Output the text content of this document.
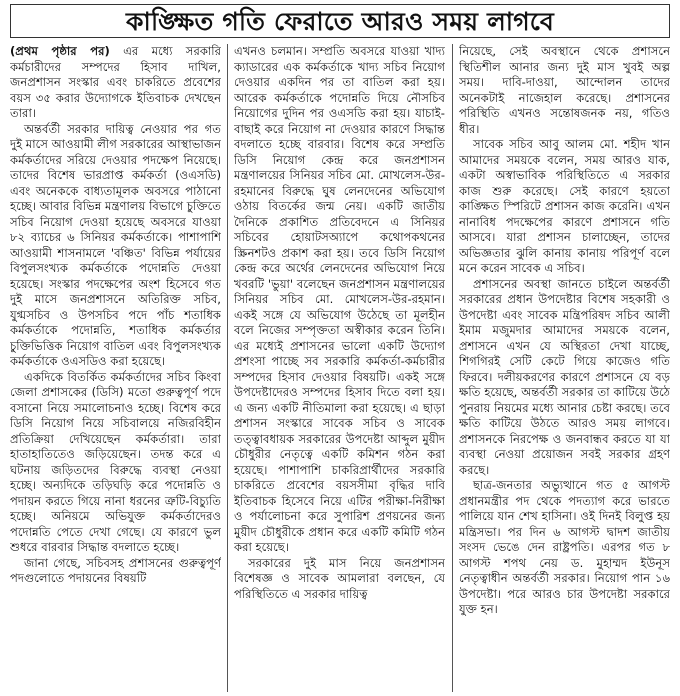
কাঙ্ক্ষিত গতি ফেরাতে আরও সময় লাগবে

(প্রথম পৃষ্ঠার পর) এর মধ্যে সরকারি কর্মচারীদের সম্পদের হিসাব দাখিল, জনপ্রশাসন সংস্কার এবং চাকরিতে প্রবেশের বয়স ৩৫ করার উদ্যোগকে ইতিবাচক দেখছেন তারা।

অন্তর্বর্তী সরকার দায়িত্ব নেওয়ার পর গত দুই মাসে আওয়ামী লীগ সরকারের আস্থাভাজন কর্মকর্তাদের সরিয়ে দেওয়ার পদক্ষেপ নিয়েছে। তাদের বিশেষ ভারপ্রাপ্ত কর্মকর্তা (ওএসডি) এবং অনেককে বাধ্যতামূলক অবসরে পাঠানো হচ্ছে। আবার বিভিন্ন মন্ত্রণালয় বিভাগে চুক্তিতে সচিব নিয়োগ দেওয়া হয়েছে অবসরে যাওয়া ৮২ ব্যাচের ৬ সিনিয়র কর্মকর্তাকে। পাশাপাশি আওয়ামী শাসনামলে 'বঞ্চিত' বিভিন্ন পর্যায়ের বিপুলসংখ্যক কর্মকর্তাকে পদোন্নতি দেওয়া হয়েছে। সংস্কার পদক্ষেপের অংশ হিসেবে গত দুই মাসে জনপ্রশাসনে অতিরিক্ত সচিব, যুগ্মসচিব ও উপসচিব পদে পাঁচ শতাধিক কর্মকর্তাকে পদোন্নতি, শতাধিক কর্মকর্তার চুক্তিভিত্তিক নিয়োগ বাতিল এবং বিপুলসংখ্যক কর্মকর্তাকে ওএসডিও করা হয়েছে।

একদিকে বিতর্কিত কর্মকর্তাদের সচিব কিংবা জেলা প্রশাসকের (ডিসি) মতো গুরুত্বপূর্ণ পদে বসানো নিয়ে সমালোচনাও হচ্ছে। বিশেষ করে ডিসি নিয়োগ নিয়ে সচিবালয়ে নজিরবিহীন প্রতিক্রিয়া দেখিয়েছেন কর্মকর্তারা। তারা হাতাহাতিতেও জড়িয়েছেন। তদন্ত করে এ ঘটনায় জড়িতদের বিরুদ্ধে ব্যবস্থা নেওয়া হচ্ছে। অন্যদিকে তড়িঘড়ি করে পদোন্নতি ও পদায়ন করতে গিয়ে নানা ধরনের ত্রুটি-বিচ্যুতি হচ্ছে। অনিয়মে অভিযুক্ত কর্মকর্তাদেরও পদোন্নতি পেতে দেখা গেছে। যে কারণে ভুল শুধরে বারবার সিদ্ধান্ত বদলাতে হচ্ছে।

জানা গেছে, সচিবসহ প্রশাসনের গুরুত্বপূর্ণ পদগুলোতে পদায়নের বিষয়টি

এখনও চলমান। সম্প্রতি অবসরে যাওয়া খাদ্য ক্যাডারের এক কর্মকর্তাকে খাদ্য সচিব নিয়োগ দেওয়ার একদিন পর তা বাতিল করা হয়। আরেক কর্মকর্তাকে পদোন্নতি দিয়ে নৌসচিব নিয়োগের দুদিন পর ওএসডি করা হয়। যাচাই-বাছাই করে নিয়োগ না দেওয়ার কারণে সিদ্ধান্ত বদলাতে হচ্ছে বারবার। বিশেষ করে সম্প্রতি ডিসি নিয়োগ কেন্দ্র করে জনপ্রশাসন মন্ত্রণালয়ের সিনিয়র সচিব মো. মোখলেস-উর-রহমানের বিরুদ্ধে ঘুষ লেনদেনের অভিযোগ ওঠায় বিতর্কের জন্ম নেয়। একটি জাতীয় দৈনিকে প্রকাশিত প্রতিবেদনে এ সিনিয়র সচিবের হোয়াটসঅ্যাপে কথোপকথনের স্ক্রিনশটও প্রকাশ করা হয়। তবে ডিসি নিয়োগ কেন্দ্র করে অর্থের লেনদেনের অভিযোগ নিয়ে খবরটি 'ভুয়া' বলেছেন জনপ্রশাসন মন্ত্রণালয়ের সিনিয়র সচিব মো. মোখলেস-উর-রহমান। একই সঙ্গে যে অভিযোগ উঠেছে তা মূলহীন বলে নিজের সম্পৃক্ততা অস্বীকার করেন তিনি। এর মধ্যেই প্রশাসনের ভালো একটি উদ্যোগ প্রশংসা পাচ্ছে সব সরকারি কর্মকর্তা-কর্মচারীর সম্পদের হিসাব দেওয়ার বিষয়টি। একই সঙ্গে উপদেষ্টাদেরও সম্পদের হিসাব দিতে বলা হয়। এ জন্য একটি নীতিমালা করা হয়েছে। এ ছাড়া প্রশাসন সংস্কারে সাবেক সচিব ও সাবেক তত্ত্বাবধায়ক সরকারের উপদেষ্টা আব্দুল মুয়ীদ চৌধুরীর নেতৃত্বে একটি কমিশন গঠন করা হয়েছে। পাশাপাশি চাকরিপ্রার্থীদের সরকারি চাকরিতে প্রবেশের বয়সসীমা বৃদ্ধির দাবি ইতিবাচক হিসেবে নিয়ে এটির পরীক্ষা-নিরীক্ষা ও পর্যালোচনা করে সুপারিশ প্রণয়নের জন্য মুয়ীদ চৌধুরীকে প্রধান করে একটি কমিটি গঠন করা হয়েছে।

সরকারের দুই মাস নিয়ে জনপ্রশাসন বিশেষজ্ঞ ও সাবেক আমলারা বলছেন, যে পরিস্থিতিতে এ সরকার দায়িত্ব

নিয়েছে, সেই অবস্থানে থেকে প্রশাসনে স্থিতিশীল আনার জন্য দুই মাস খুবই অল্প সময়। দাবি-দাওয়া, আন্দোলন তাদের অনেকটাই নাজেহাল করেছে। প্রশাসনের পরিস্থিতি এখনও সন্তোষজনক নয়, গতিও ধীর।

সাবেক সচিব আবু আলম মো. শহীদ খান আমাদের সময়কে বলেন, সময় আরও যাক, একটা অস্বাভাবিক পরিস্থিতিতে এ সরকার কাজ শুরু করেছে। সেই কারণে হয়তো কাঙ্ক্ষিত স্পিরিটে প্রশাসন কাজ করেনি। এখন নানাবিধ পদক্ষেপের কারণে প্রশাসনে গতি আসবে। যারা প্রশাসন চালাচ্ছেন, তাদের অভিজ্ঞতার ঝুলি কানায় কানায় পরিপূর্ণ বলে মনে করেন সাবেক এ সচিব।

প্রশাসনের অবস্থা জানতে চাইলে অন্তর্বর্তী সরকারের প্রধান উপদেষ্টার বিশেষ সহকারী ও উপদেষ্টা এবং সাবেক মন্ত্রিপরিষদ সচিব আলী ইমাম মজুমদার আমাদের সময়কে বলেন, প্রশাসনে এখন যে অস্থিরতা দেখা যাচ্ছে, শিগগিরই সেটি কেটে গিয়ে কাজেও গতি ফিরবে। দলীয়করণের কারণে প্রশাসনে যে বড় ক্ষতি হয়েছে, অন্তর্বর্তী সরকার তা কাটিয়ে উঠে পুনরায় নিয়মের মধ্যে আনার চেষ্টা করছে। তবে ক্ষতি কাটিয়ে উঠতে আরও সময় লাগবে। প্রশাসনকে নিরপেক্ষ ও জনবান্ধব করতে যা যা ব্যবস্থা নেওয়া প্রয়োজন সবই সরকার গ্রহণ করছে।

ছাত্র-জনতার অভ্যুত্থানে গত ৫ আগস্ট প্রধানমন্ত্রীর পদ থেকে পদত্যাগ করে ভারতে পালিয়ে যান শেখ হাসিনা। ওই দিনই বিলুপ্ত হয় মন্ত্রিসভা। পর দিন ৬ আগস্ট দ্বাদশ জাতীয় সংসদ ভেঙে দেন রাষ্ট্রপতি। এরপর গত ৮ আগস্ট শপথ নেয় ড. মুহাম্মদ ইউনূস নেতৃত্বাধীন অন্তর্বর্তী সরকার। নিয়োগ পান ১৬ উপদেষ্টা। পরে আরও চার উপদেষ্টা সরকারে যুক্ত হন।
